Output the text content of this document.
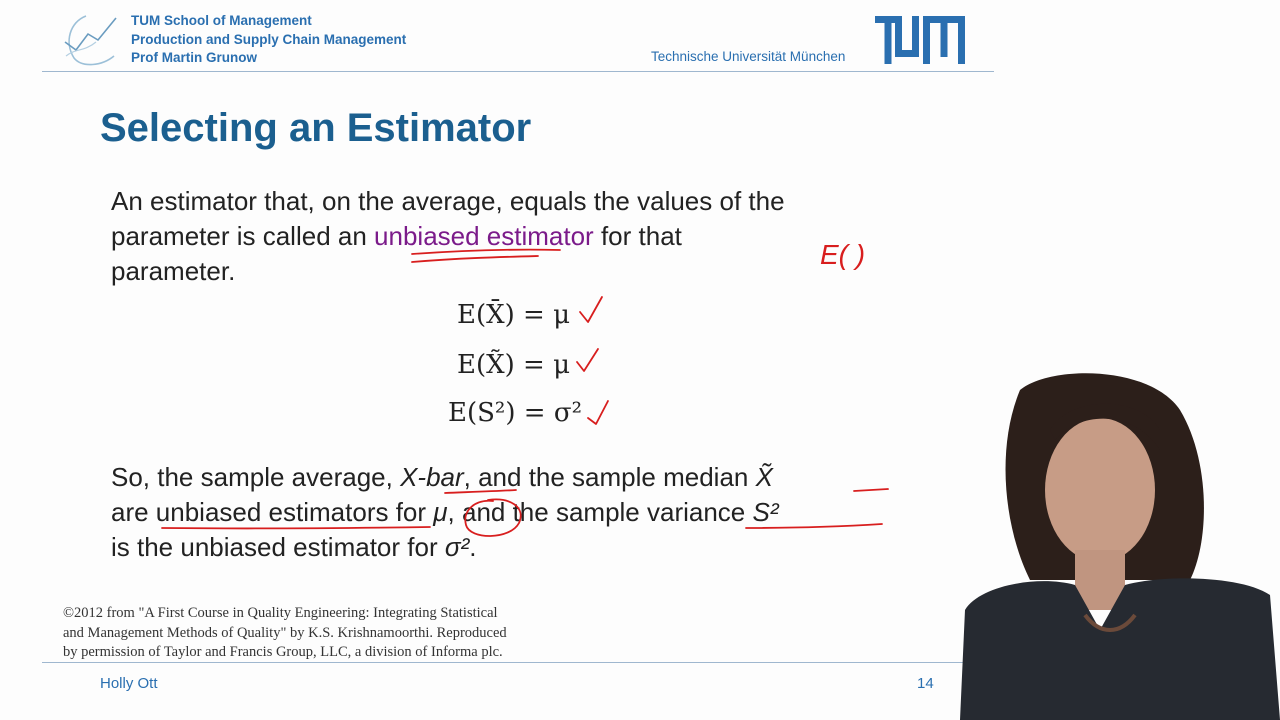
TUM School of Management
Production and Supply Chain Management
Prof Martin Grunow	Technische Universität München
Selecting an Estimator
An estimator that, on the average, equals the values of the
parameter is called an unbiased estimator for that
parameter.
E(X̄) = μ
E(X̃) = μ
E(S²) = σ²
So, the sample average, X-bar, and the sample median X̃
are unbiased estimators for μ, and the sample variance S²
is the unbiased estimator for σ².
E( )
©2012 from "A First Course in Quality Engineering: Integrating Statistical
and Management Methods of Quality" by K.S. Krishnamoorthi. Reproduced
by permission of Taylor and Francis Group, LLC, a division of Informa plc.
Holly Ott	14
